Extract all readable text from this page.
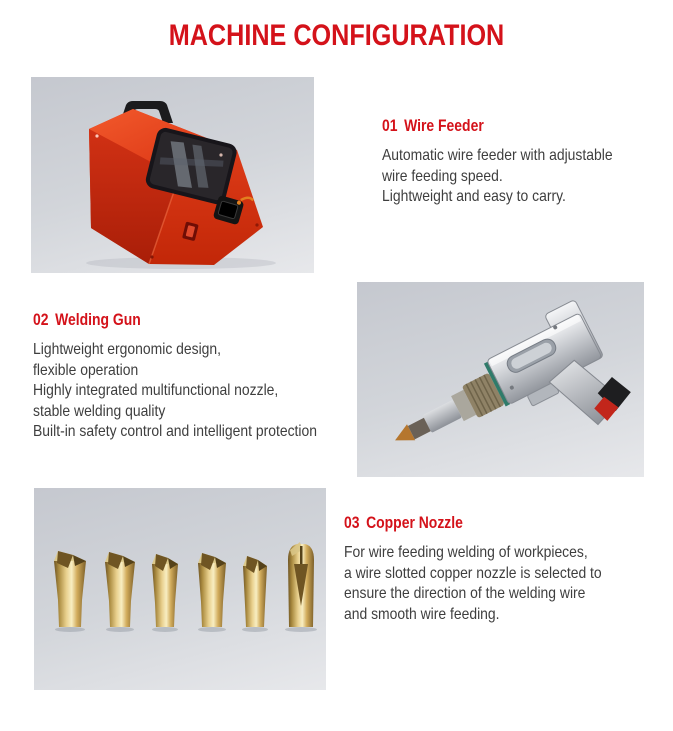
MACHINE CONFIGURATION
01 Wire Feeder

Automatic wire feeder with adjustable

wire feeding speed.

Lightweight and easy to carry.

02 Welding Gun

Lightweight ergonomic design,

flexible operation

Highly integrated multifunctional nozzle,

stable welding quality

Built-in safety control and intelligent protection

03 Copper Nozzle

For wire feeding welding of workpieces,

a wire slotted copper nozzle is selected to

ensure the direction of the welding wire

and smooth wire feeding.
